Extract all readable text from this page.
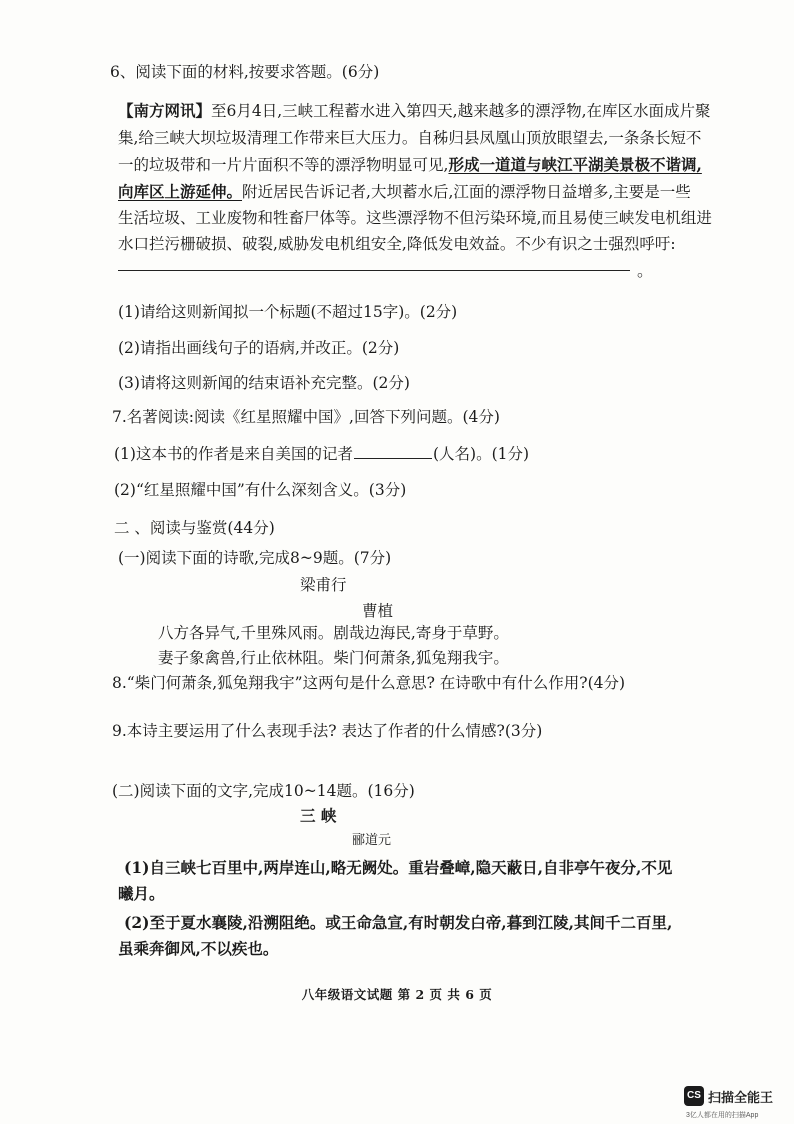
6、阅读下面的材料,按要求答题。(6分)
【南方网讯】至6月4日,三峡工程蓄水进入第四天,越来越多的漂浮物,在库区水面成片聚
集,给三峡大坝垃圾清理工作带来巨大压力。自秭归县凤凰山顶放眼望去,一条条长短不
一的垃圾带和一片片面积不等的漂浮物明显可见,形成一道道与峡江平湖美景极不谐调,
向库区上游延伸。附近居民告诉记者,大坝蓄水后,江面的漂浮物日益增多,主要是一些
生活垃圾、工业废物和牲畜尸体等。这些漂浮物不但污染环境,而且易使三峡发电机组进
水口拦污栅破损、破裂,威胁发电机组安全,降低发电效益。不少有识之士强烈呼吁:
。
(1)请给这则新闻拟一个标题(不超过15字)。(2分)
(2)请指出画线句子的语病,并改正。(2分)
(3)请将这则新闻的结束语补充完整。(2分)
7.名著阅读:阅读《红星照耀中国》,回答下列问题。(4分)
(1)这本书的作者是来自美国的记者	(人名)。(1分)
(2)“红星照耀中国”有什么深刻含义。(3分)
二 、阅读与鉴赏(44分)
(一)阅读下面的诗歌,完成8~9题。(7分)
梁甫行
曹植
八方各异气,千里殊风雨。剧哉边海民,寄身于草野。
妻子象禽兽,行止依林阻。柴门何萧条,狐兔翔我宇。
8.“柴门何萧条,狐兔翔我宇”这两句是什么意思? 在诗歌中有什么作用?(4分)
9.本诗主要运用了什么表现手法? 表达了作者的什么情感?(3分)
(二)阅读下面的文字,完成10~14题。(16分)
三 峡
郦道元
(1)自三峡七百里中,两岸连山,略无阙处。重岩叠嶂,隐天蔽日,自非亭午夜分,不见
曦月。
(2)至于夏水襄陵,沿溯阻绝。或王命急宣,有时朝发白帝,暮到江陵,其间千二百里,
虽乘奔御风,不以疾也。
八年级语文试题 第 2 页 共 6 页
CS 扫描全能王
3亿人都在用的扫描App
